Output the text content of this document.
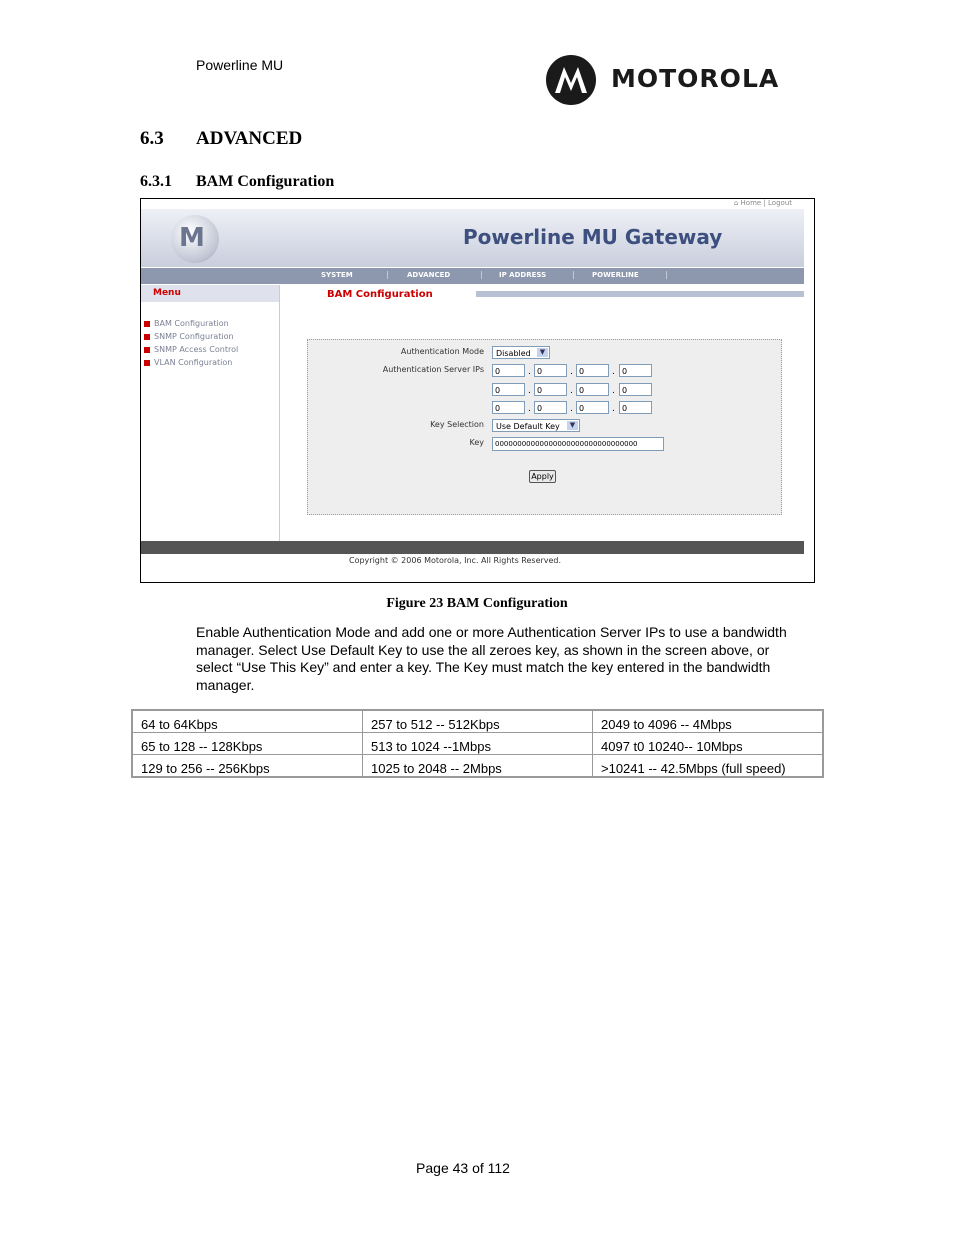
Powerline MU	MOTOROLA
6.3 ADVANCED
6.3.1 BAM Configuration
⌂ Home | Logout
M	Powerline MU Gateway
SYSTEM	|	ADVANCED	| IP ADDRESS	| POWERLINE	|
Menu
BAM Configuration
SNMP Configuration
SNMP Access Control
VLAN Configuration
BAM Configuration
Authentication Mode	Disabled	▼
Authentication Server IPs	0	. 0	. 0	. 0
0	. 0	. 0	. 0
0	. 0	. 0	. 0
Key Selection	Use Default Key	▼
Key	00000000000000000000000000000000
Apply
Copyright © 2006 Motorola, Inc. All Rights Reserved.
Figure 23 BAM Configuration
Enable Authentication Mode and add one or more Authentication Server IPs to use a bandwidth manager. Select Use Default Key to use the all zeroes key, as shown in the screen above, or select “Use This Key” and enter a key. The Key must match the key entered in the bandwidth manager.
64 to 64Kbps	257 to 512 -- 512Kbps	2049 to 4096 -- 4Mbps
65 to 128 -- 128Kbps	513 to 1024 --1Mbps	4097 t0 10240-- 10Mbps
129 to 256 -- 256Kbps	1025 to 2048 -- 2Mbps	>10241 -- 42.5Mbps (full speed)
Page 43 of 112
